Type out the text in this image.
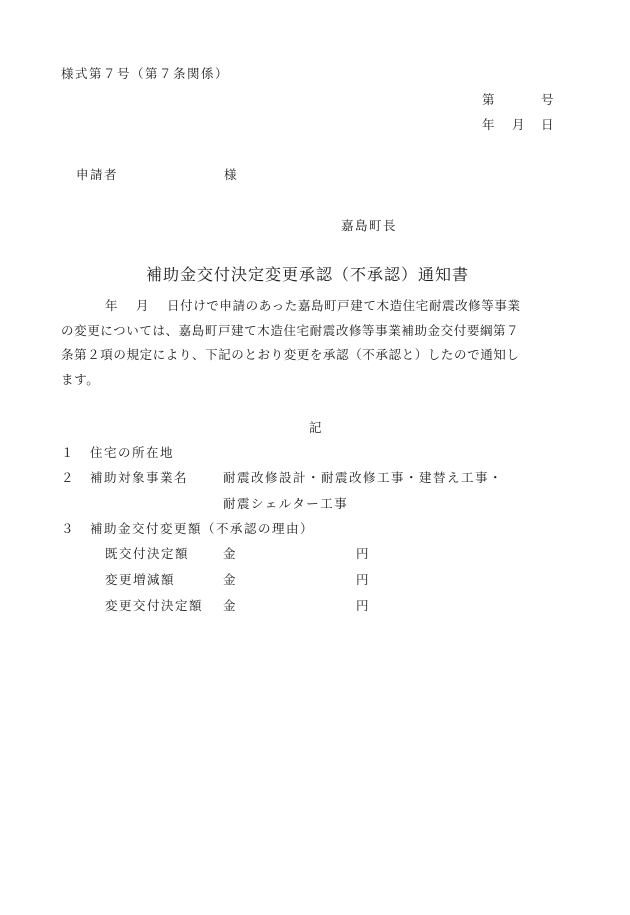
様式第７号（第７条関係）
第	号
年 月 日
申請者	様
嘉島町長
補助金交付決定変更承認（不承認）通知書
年 月 日付けで申請のあった嘉島町戸建て木造住宅耐震改修等事業
の変更については、嘉島町戸建て木造住宅耐震改修等事業補助金交付要綱第７
条第２項の規定により、下記のとおり変更を承認（不承認と）したので通知し
ます。
記
１ 住宅の所在地
２ 補助対象事業名	耐震改修設計・耐震改修工事・建替え工事・
耐震シェルター工事
３ 補助金交付変更額（不承認の理由）
既交付決定額	金	円
変更増減額	金	円
変更交付決定額 金	円
